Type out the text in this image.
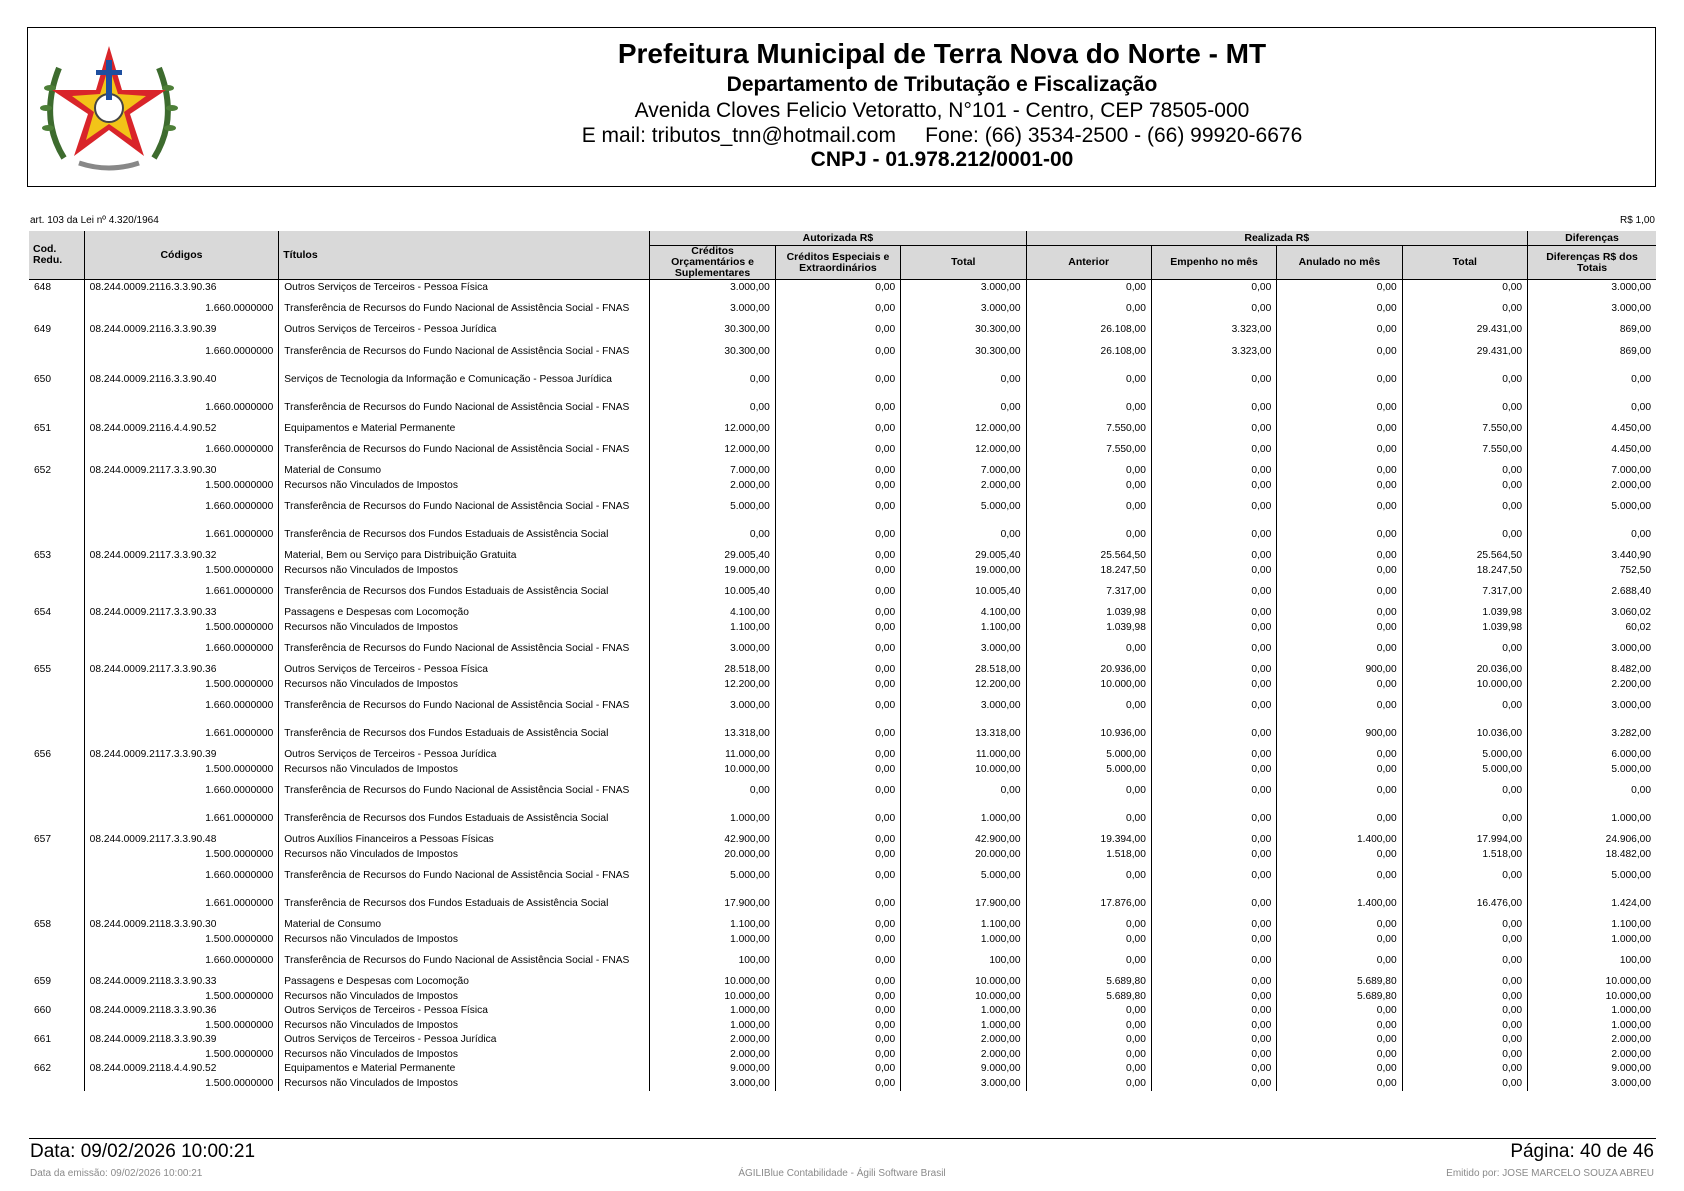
Prefeitura Municipal de Terra Nova do Norte - MT
Departamento de Tributação e Fiscalização
Avenida Cloves Felicio Vetoratto, N°101 - Centro, CEP 78505-000
E mail: tributos_tnn@hotmail.com     Fone: (66) 3534-2500 - (66) 99920-6676
CNPJ - 01.978.212/0001-00
art. 103 da Lei nº 4.320/1964	R$ 1,00
Cod. Redu.	Códigos	Títulos	Autorizada R$			Realizada R$				Diferenças
			Créditos Orçamentários e Suplementares	Créditos Especiais e Extraordinários	Total	Anterior	Empenho no mês	Anulado no mês	Total	Diferenças R$ dos Totais
648	08.244.0009.2116.3.3.90.36	Outros Serviços de Terceiros - Pessoa Física	3.000,00	0,00	3.000,00	0,00	0,00	0,00	0,00	3.000,00
	1.660.0000000	Transferência de Recursos do Fundo Nacional de Assistência Social - FNAS	3.000,00	0,00	3.000,00	0,00	0,00	0,00	0,00	3.000,00
649	08.244.0009.2116.3.3.90.39	Outros Serviços de Terceiros - Pessoa Jurídica	30.300,00	0,00	30.300,00	26.108,00	3.323,00	0,00	29.431,00	869,00
	1.660.0000000	Transferência de Recursos do Fundo Nacional de Assistência Social - FNAS	30.300,00	0,00	30.300,00	26.108,00	3.323,00	0,00	29.431,00	869,00
650	08.244.0009.2116.3.3.90.40	Serviços de Tecnologia da Informação e Comunicação - Pessoa Jurídica	0,00	0,00	0,00	0,00	0,00	0,00	0,00	0,00
	1.660.0000000	Transferência de Recursos do Fundo Nacional de Assistência Social - FNAS	0,00	0,00	0,00	0,00	0,00	0,00	0,00	0,00
651	08.244.0009.2116.4.4.90.52	Equipamentos e Material Permanente	12.000,00	0,00	12.000,00	7.550,00	0,00	0,00	7.550,00	4.450,00
	1.660.0000000	Transferência de Recursos do Fundo Nacional de Assistência Social - FNAS	12.000,00	0,00	12.000,00	7.550,00	0,00	0,00	7.550,00	4.450,00
652	08.244.0009.2117.3.3.90.30	Material de Consumo	7.000,00	0,00	7.000,00	0,00	0,00	0,00	0,00	7.000,00
	1.500.0000000	Recursos não Vinculados de Impostos	2.000,00	0,00	2.000,00	0,00	0,00	0,00	0,00	2.000,00
	1.660.0000000	Transferência de Recursos do Fundo Nacional de Assistência Social - FNAS	5.000,00	0,00	5.000,00	0,00	0,00	0,00	0,00	5.000,00
	1.661.0000000	Transferência de Recursos dos Fundos Estaduais de Assistência Social	0,00	0,00	0,00	0,00	0,00	0,00	0,00	0,00
653	08.244.0009.2117.3.3.90.32	Material, Bem ou Serviço para Distribuição Gratuita	29.005,40	0,00	29.005,40	25.564,50	0,00	0,00	25.564,50	3.440,90
	1.500.0000000	Recursos não Vinculados de Impostos	19.000,00	0,00	19.000,00	18.247,50	0,00	0,00	18.247,50	752,50
	1.661.0000000	Transferência de Recursos dos Fundos Estaduais de Assistência Social	10.005,40	0,00	10.005,40	7.317,00	0,00	0,00	7.317,00	2.688,40
654	08.244.0009.2117.3.3.90.33	Passagens e Despesas com Locomoção	4.100,00	0,00	4.100,00	1.039,98	0,00	0,00	1.039,98	3.060,02
	1.500.0000000	Recursos não Vinculados de Impostos	1.100,00	0,00	1.100,00	1.039,98	0,00	0,00	1.039,98	60,02
	1.660.0000000	Transferência de Recursos do Fundo Nacional de Assistência Social - FNAS	3.000,00	0,00	3.000,00	0,00	0,00	0,00	0,00	3.000,00
655	08.244.0009.2117.3.3.90.36	Outros Serviços de Terceiros - Pessoa Física	28.518,00	0,00	28.518,00	20.936,00	0,00	900,00	20.036,00	8.482,00
	1.500.0000000	Recursos não Vinculados de Impostos	12.200,00	0,00	12.200,00	10.000,00	0,00	0,00	10.000,00	2.200,00
	1.660.0000000	Transferência de Recursos do Fundo Nacional de Assistência Social - FNAS	3.000,00	0,00	3.000,00	0,00	0,00	0,00	0,00	3.000,00
	1.661.0000000	Transferência de Recursos dos Fundos Estaduais de Assistência Social	13.318,00	0,00	13.318,00	10.936,00	0,00	900,00	10.036,00	3.282,00
656	08.244.0009.2117.3.3.90.39	Outros Serviços de Terceiros - Pessoa Jurídica	11.000,00	0,00	11.000,00	5.000,00	0,00	0,00	5.000,00	6.000,00
	1.500.0000000	Recursos não Vinculados de Impostos	10.000,00	0,00	10.000,00	5.000,00	0,00	0,00	5.000,00	5.000,00
	1.660.0000000	Transferência de Recursos do Fundo Nacional de Assistência Social - FNAS	0,00	0,00	0,00	0,00	0,00	0,00	0,00	0,00
	1.661.0000000	Transferência de Recursos dos Fundos Estaduais de Assistência Social	1.000,00	0,00	1.000,00	0,00	0,00	0,00	0,00	1.000,00
657	08.244.0009.2117.3.3.90.48	Outros Auxílios Financeiros a Pessoas Físicas	42.900,00	0,00	42.900,00	19.394,00	0,00	1.400,00	17.994,00	24.906,00
	1.500.0000000	Recursos não Vinculados de Impostos	20.000,00	0,00	20.000,00	1.518,00	0,00	0,00	1.518,00	18.482,00
	1.660.0000000	Transferência de Recursos do Fundo Nacional de Assistência Social - FNAS	5.000,00	0,00	5.000,00	0,00	0,00	0,00	0,00	5.000,00
	1.661.0000000	Transferência de Recursos dos Fundos Estaduais de Assistência Social	17.900,00	0,00	17.900,00	17.876,00	0,00	1.400,00	16.476,00	1.424,00
658	08.244.0009.2118.3.3.90.30	Material de Consumo	1.100,00	0,00	1.100,00	0,00	0,00	0,00	0,00	1.100,00
	1.500.0000000	Recursos não Vinculados de Impostos	1.000,00	0,00	1.000,00	0,00	0,00	0,00	0,00	1.000,00
	1.660.0000000	Transferência de Recursos do Fundo Nacional de Assistência Social - FNAS	100,00	0,00	100,00	0,00	0,00	0,00	0,00	100,00
659	08.244.0009.2118.3.3.90.33	Passagens e Despesas com Locomoção	10.000,00	0,00	10.000,00	5.689,80	0,00	5.689,80	0,00	10.000,00
	1.500.0000000	Recursos não Vinculados de Impostos	10.000,00	0,00	10.000,00	5.689,80	0,00	5.689,80	0,00	10.000,00
660	08.244.0009.2118.3.3.90.36	Outros Serviços de Terceiros - Pessoa Física	1.000,00	0,00	1.000,00	0,00	0,00	0,00	0,00	1.000,00
	1.500.0000000	Recursos não Vinculados de Impostos	1.000,00	0,00	1.000,00	0,00	0,00	0,00	0,00	1.000,00
661	08.244.0009.2118.3.3.90.39	Outros Serviços de Terceiros - Pessoa Jurídica	2.000,00	0,00	2.000,00	0,00	0,00	0,00	0,00	2.000,00
	1.500.0000000	Recursos não Vinculados de Impostos	2.000,00	0,00	2.000,00	0,00	0,00	0,00	0,00	2.000,00
662	08.244.0009.2118.4.4.90.52	Equipamentos e Material Permanente	9.000,00	0,00	9.000,00	0,00	0,00	0,00	0,00	9.000,00
	1.500.0000000	Recursos não Vinculados de Impostos	3.000,00	0,00	3.000,00	0,00	0,00	0,00	0,00	3.000,00
Data: 09/02/2026 10:00:21	Página: 40 de 46
Data da emissão: 09/02/2026 10:00:21	ÁGILIBlue Contabilidade - Ágili Software Brasil	Emitido por: JOSE MARCELO SOUZA ABREU
